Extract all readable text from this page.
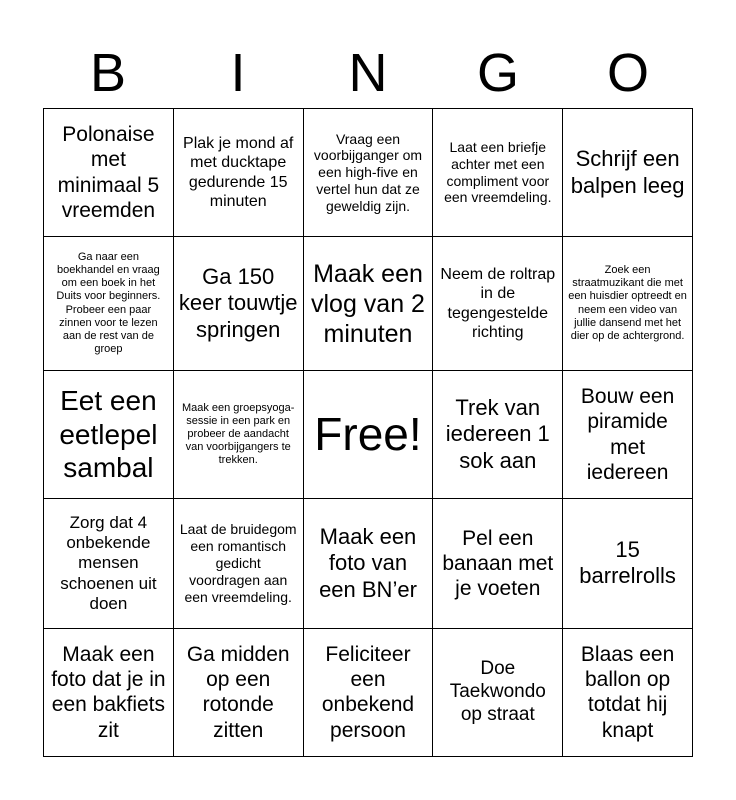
B	I	N	G	O
Polonaise met minimaal 5 vreemden	Plak je mond af met ducktape gedurende 15 minuten	Vraag een voorbijganger om een high-five en vertel hun dat ze geweldig zijn.	Laat een briefje achter met een compliment voor een vreemdeling.	Schrijf een balpen leeg
Ga naar een boekhandel en vraag om een boek in het Duits voor beginners. Probeer een paar zinnen voor te lezen aan de rest van de groep	Ga 150 keer touwtje springen	Maak een vlog van 2 minuten	Neem de roltrap in de tegengestelde richting	Zoek een straatmuzikant die met een huisdier optreedt en neem een video van jullie dansend met het dier op de achtergrond.
Eet een eetlepel sambal	Maak een groepsyoga-sessie in een park en probeer de aandacht van voorbijgangers te trekken.	Free!	Trek van iedereen 1 sok aan	Bouw een piramide met iedereen
Zorg dat 4 onbekende mensen schoenen uit doen	Laat de bruidegom een romantisch gedicht voordragen aan een vreemdeling.	Maak een foto van een BN’er	Pel een banaan met je voeten	15 barrelrolls
Maak een foto dat je in een bakfiets zit	Ga midden op een rotonde zitten	Feliciteer een onbekend persoon	Doe Taekwondo op straat	Blaas een ballon op totdat hij knapt
